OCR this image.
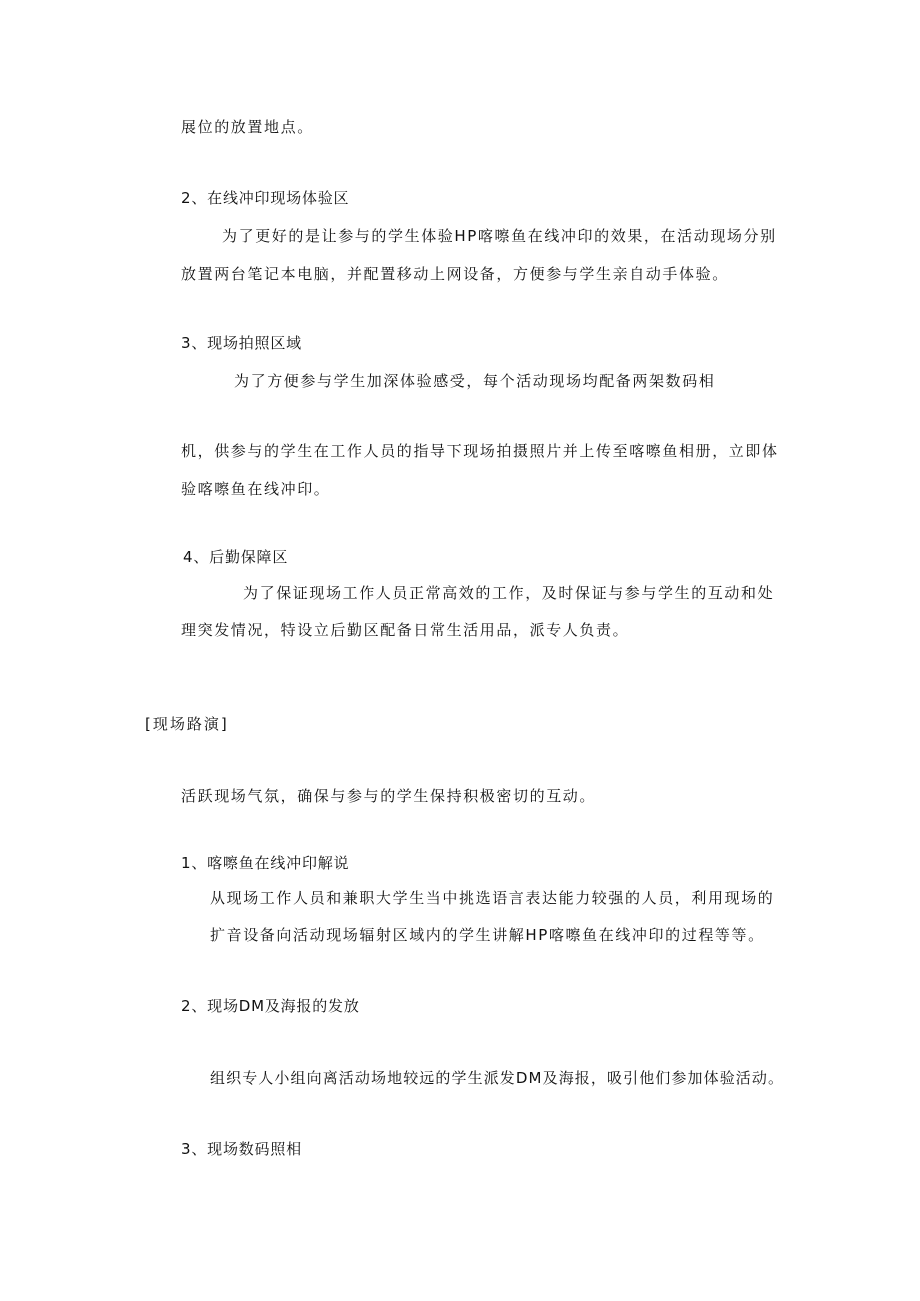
展位的放置地点。
2、在线冲印现场体验区
为了更好的是让参与的学生体验HP喀嚓鱼在线冲印的效果，在活动现场分别
放置两台笔记本电脑，并配置移动上网设备，方便参与学生亲自动手体验。
3、现场拍照区域
为了方便参与学生加深体验感受，每个活动现场均配备两架数码相
机，供参与的学生在工作人员的指导下现场拍摄照片并上传至喀嚓鱼相册，立即体
验喀嚓鱼在线冲印。
4、后勤保障区
为了保证现场工作人员正常高效的工作，及时保证与参与学生的互动和处
理突发情况，特设立后勤区配备日常生活用品，派专人负责。
[现场路演]
活跃现场气氛，确保与参与的学生保持积极密切的互动。
1、喀嚓鱼在线冲印解说
从现场工作人员和兼职大学生当中挑选语言表达能力较强的人员，利用现场的
扩音设备向活动现场辐射区域内的学生讲解HP喀嚓鱼在线冲印的过程等等。
2、现场DM及海报的发放
组织专人小组向离活动场地较远的学生派发DM及海报，吸引他们参加体验活动。
3、现场数码照相
